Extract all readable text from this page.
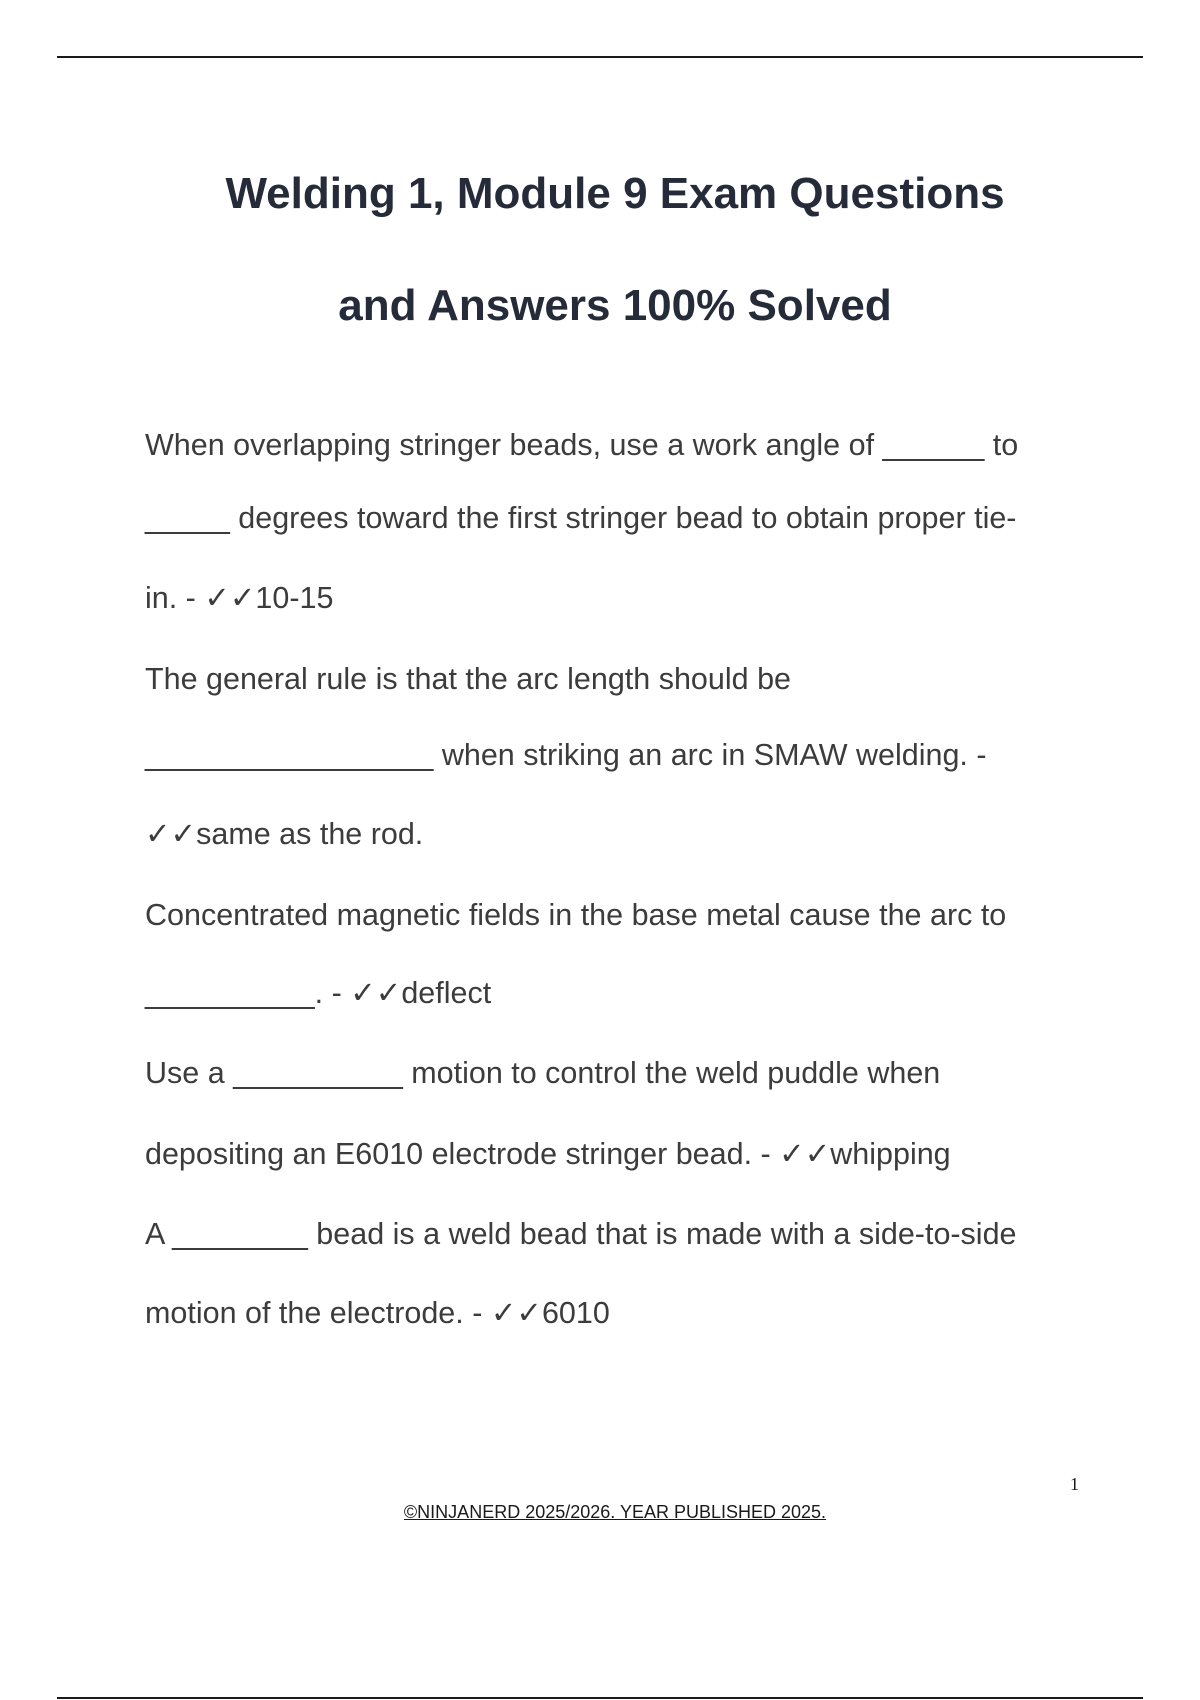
Welding 1, Module 9 Exam Questions
and Answers 100% Solved
When overlapping stringer beads, use a work angle of ______ to
_____ degrees toward the first stringer bead to obtain proper tie-
in. - ✓✓10-15
The general rule is that the arc length should be
_________________ when striking an arc in SMAW welding. -
✓✓same as the rod.
Concentrated magnetic fields in the base metal cause the arc to
__________. - ✓✓deflect
Use a __________ motion to control the weld puddle when
depositing an E6010 electrode stringer bead. - ✓✓whipping
A ________ bead is a weld bead that is made with a side-to-side
motion of the electrode. - ✓✓6010
1
©NINJANERD 2025/2026. YEAR PUBLISHED 2025.
